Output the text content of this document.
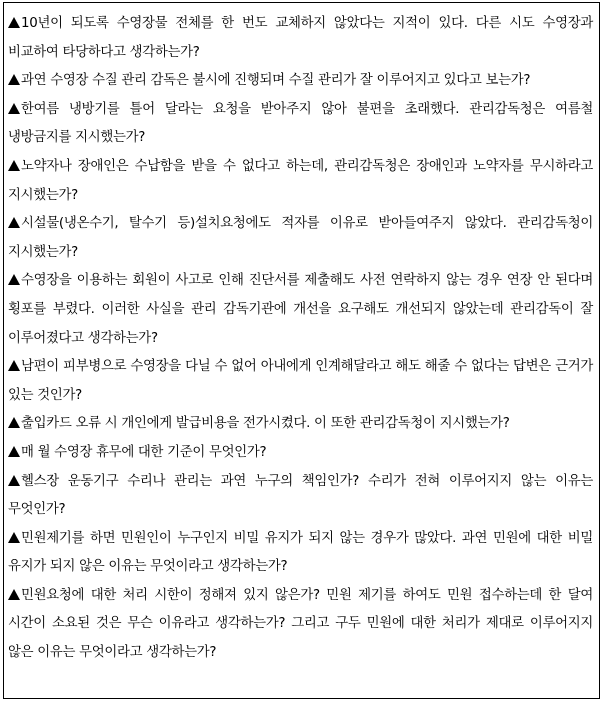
10년이 되도록 수영장물 전체를 한 번도 교체하지 않았다는 지적이 있다. 다른 시도 수영장과 비교하여 타당하다고 생각하는가?

과연 수영장 수질 관리 감독은 불시에 진행되며 수질 관리가 잘 이루어지고 있다고 보는가?

한여름 냉방기를 틀어 달라는 요청을 받아주지 않아 불편을 초래했다. 관리감독청은 여름철 냉방금지를 지시했는가?

노약자나 장애인은 수납함을 받을 수 없다고 하는데, 관리감독청은 장애인과 노약자를 무시하라고 지시했는가?

시설물(냉온수기, 탈수기 등)설치요청에도 적자를 이유로 받아들여주지 않았다. 관리감독청이 지시했는가?

수영장을 이용하는 회원이 사고로 인해 진단서를 제출해도 사전 연락하지 않는 경우 연장 안 된다며 횡포를 부렸다. 이러한 사실을 관리 감독기관에 개선을 요구해도 개선되지 않았는데 관리감독이 잘 이루어졌다고 생각하는가?

남편이 피부병으로 수영장을 다닐 수 없어 아내에게 인계해달라고 해도 해줄 수 없다는 답변은 근거가 있는 것인가?

출입카드 오류 시 개인에게 발급비용을 전가시켰다. 이 또한 관리감독청이 지시했는가?

매 월 수영장 휴무에 대한 기준이 무엇인가?

헬스장 운동기구 수리나 관리는 과연 누구의 책임인가? 수리가 전혀 이루어지지 않는 이유는 무엇인가?

민원제기를 하면 민원인이 누구인지 비밀 유지가 되지 않는 경우가 많았다. 과연 민원에 대한 비밀 유지가 되지 않은 이유는 무엇이라고 생각하는가?

민원요청에 대한 처리 시한이 정해져 있지 않은가? 민원 제기를 하여도 민원 접수하는데 한 달여 시간이 소요된 것은 무슨 이유라고 생각하는가? 그리고 구두 민원에 대한 처리가 제대로 이루어지지 않은 이유는 무엇이라고 생각하는가?
